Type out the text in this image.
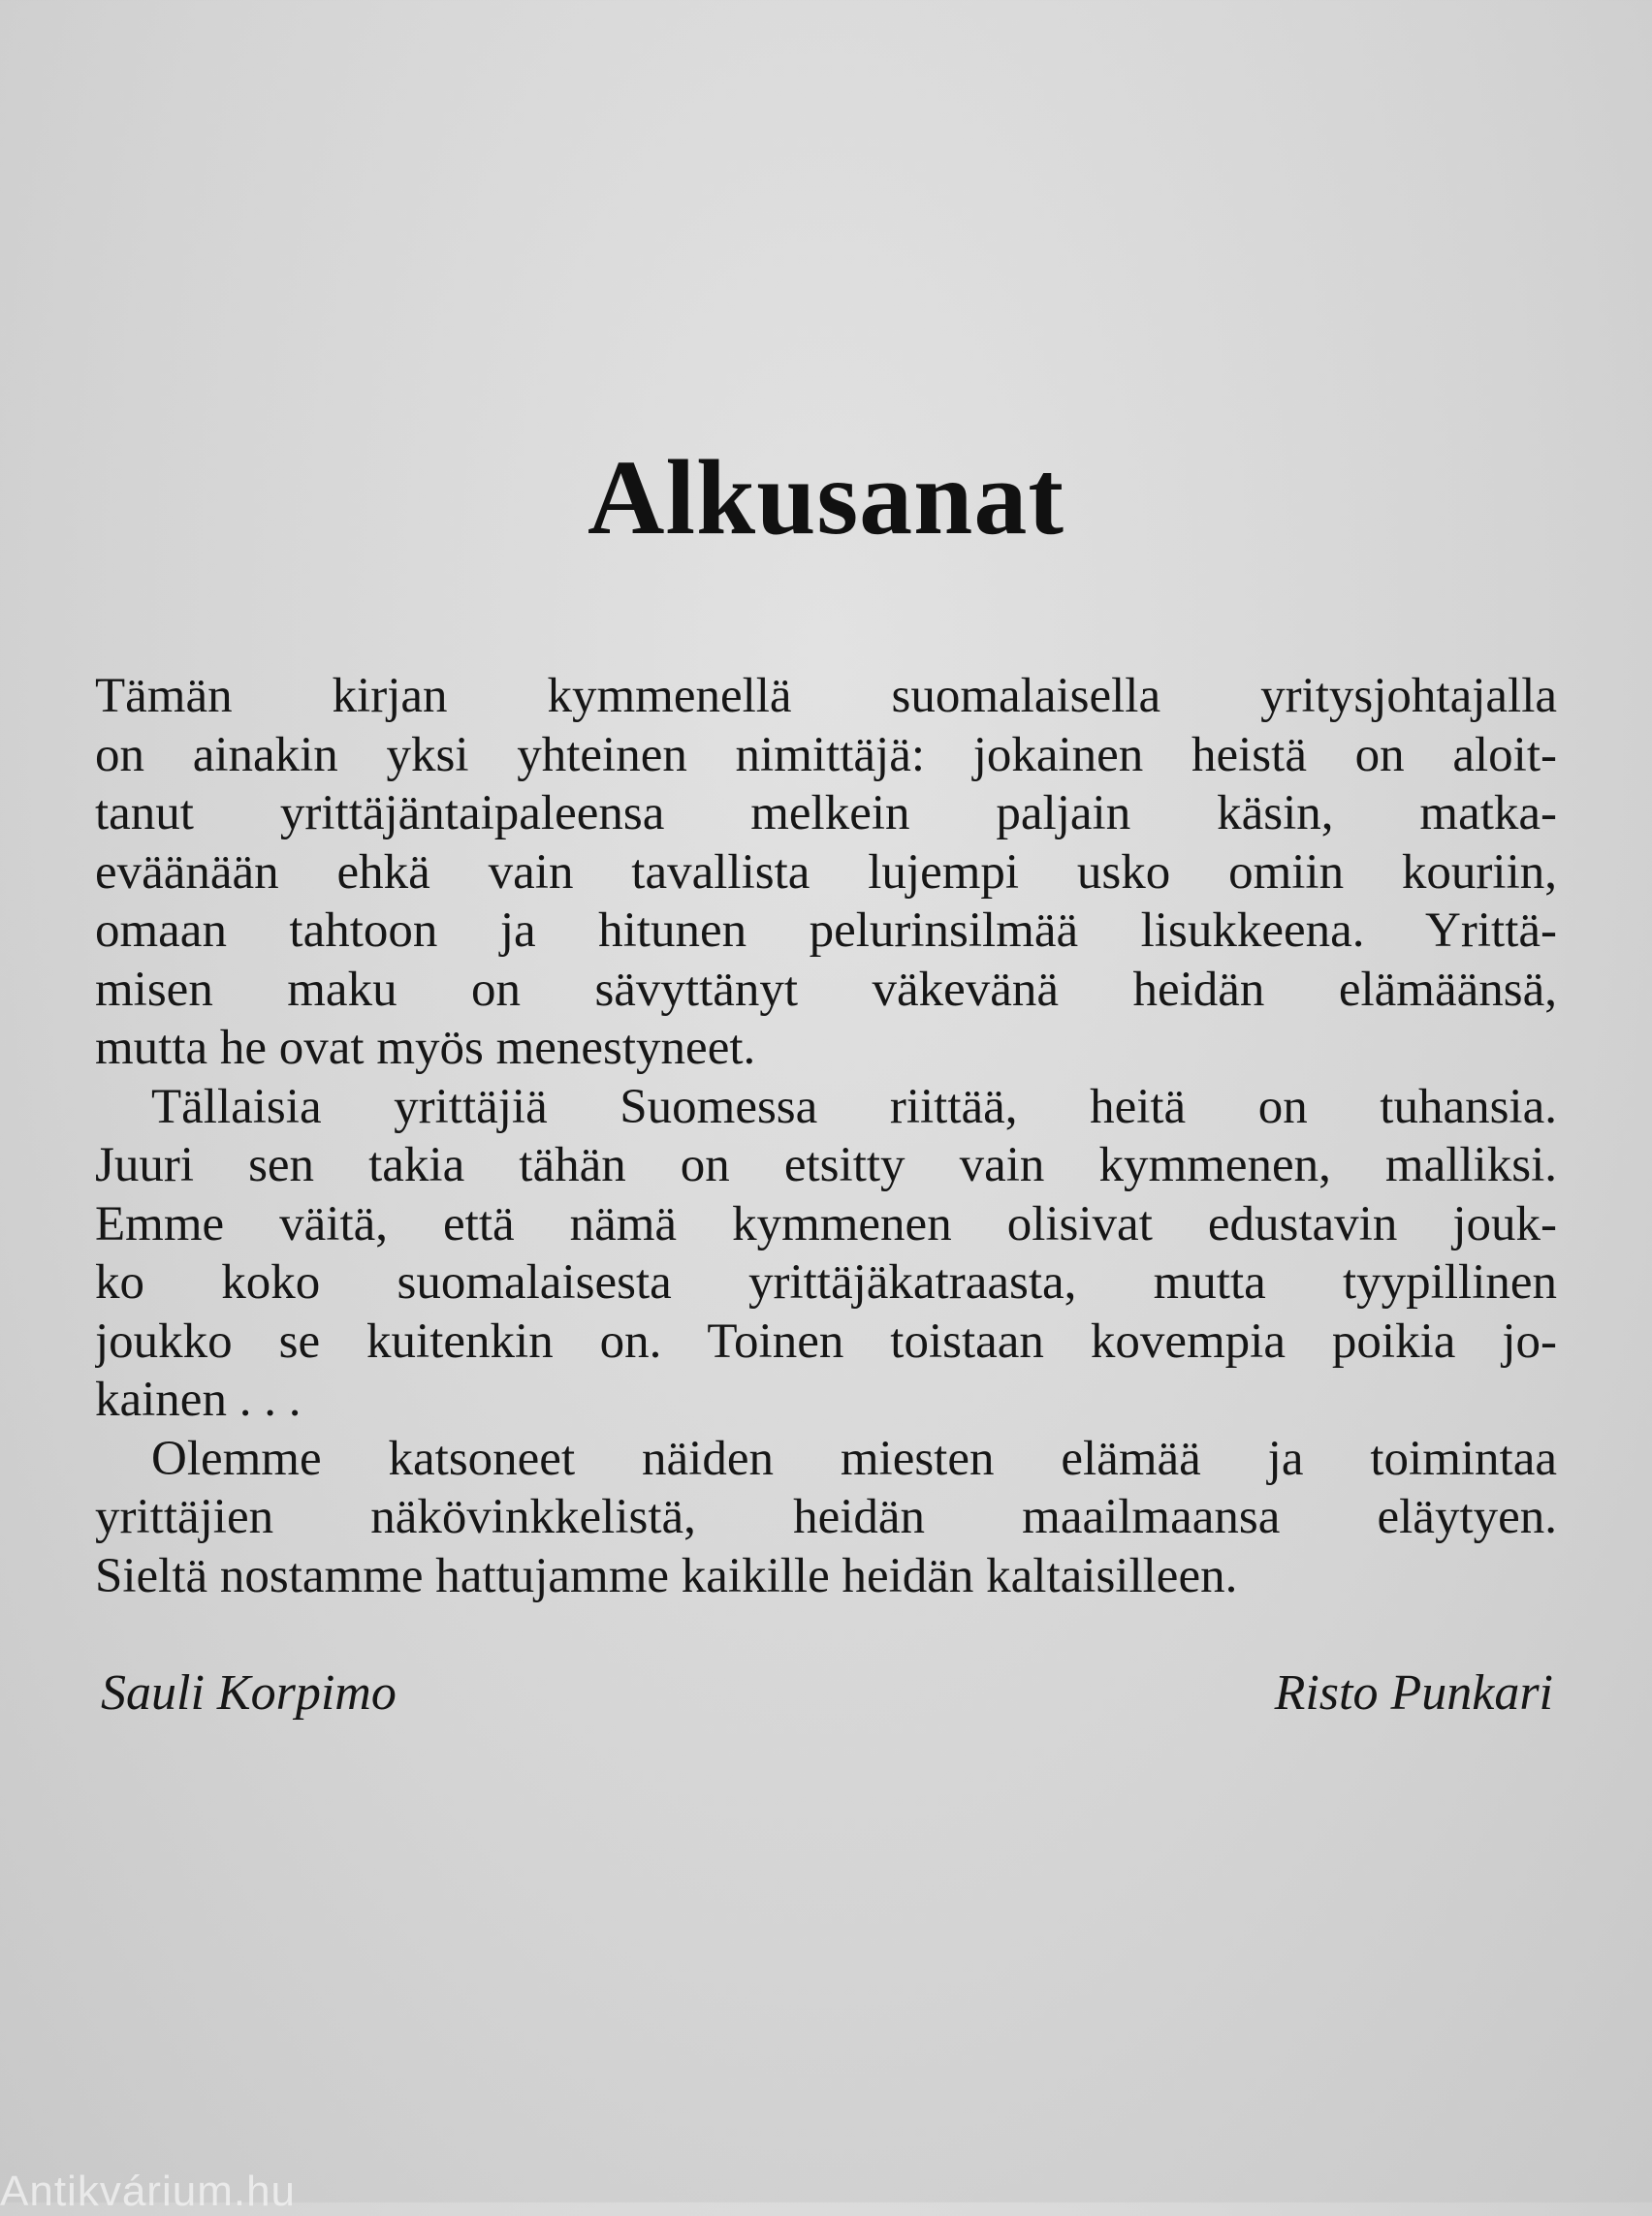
Alkusanat
Tämän kirjan kymmenellä suomalaisella yritysjohtajalla
on ainakin yksi yhteinen nimittäjä: jokainen heistä on aloit-
tanut yrittäjäntaipaleensa melkein paljain käsin, matka-
eväänään ehkä vain tavallista lujempi usko omiin kouriin,
omaan tahtoon ja hitunen pelurinsilmää lisukkeena. Yrittä-
misen maku on sävyttänyt väkevänä heidän elämäänsä,
mutta he ovat myös menestyneet.
Tällaisia yrittäjiä Suomessa riittää, heitä on tuhansia.
Juuri sen takia tähän on etsitty vain kymmenen, malliksi.
Emme väitä, että nämä kymmenen olisivat edustavin jouk-
ko koko suomalaisesta yrittäjäkatraasta, mutta tyypillinen
joukko se kuitenkin on. Toinen toistaan kovempia poikia jo-
kainen . . .
Olemme katsoneet näiden miesten elämää ja toimintaa
yrittäjien näkövinkkelistä, heidän maailmaansa eläytyen.
Sieltä nostamme hattujamme kaikille heidän kaltaisilleen.
Sauli Korpimo	Risto Punkari
Antikvárium.hu
